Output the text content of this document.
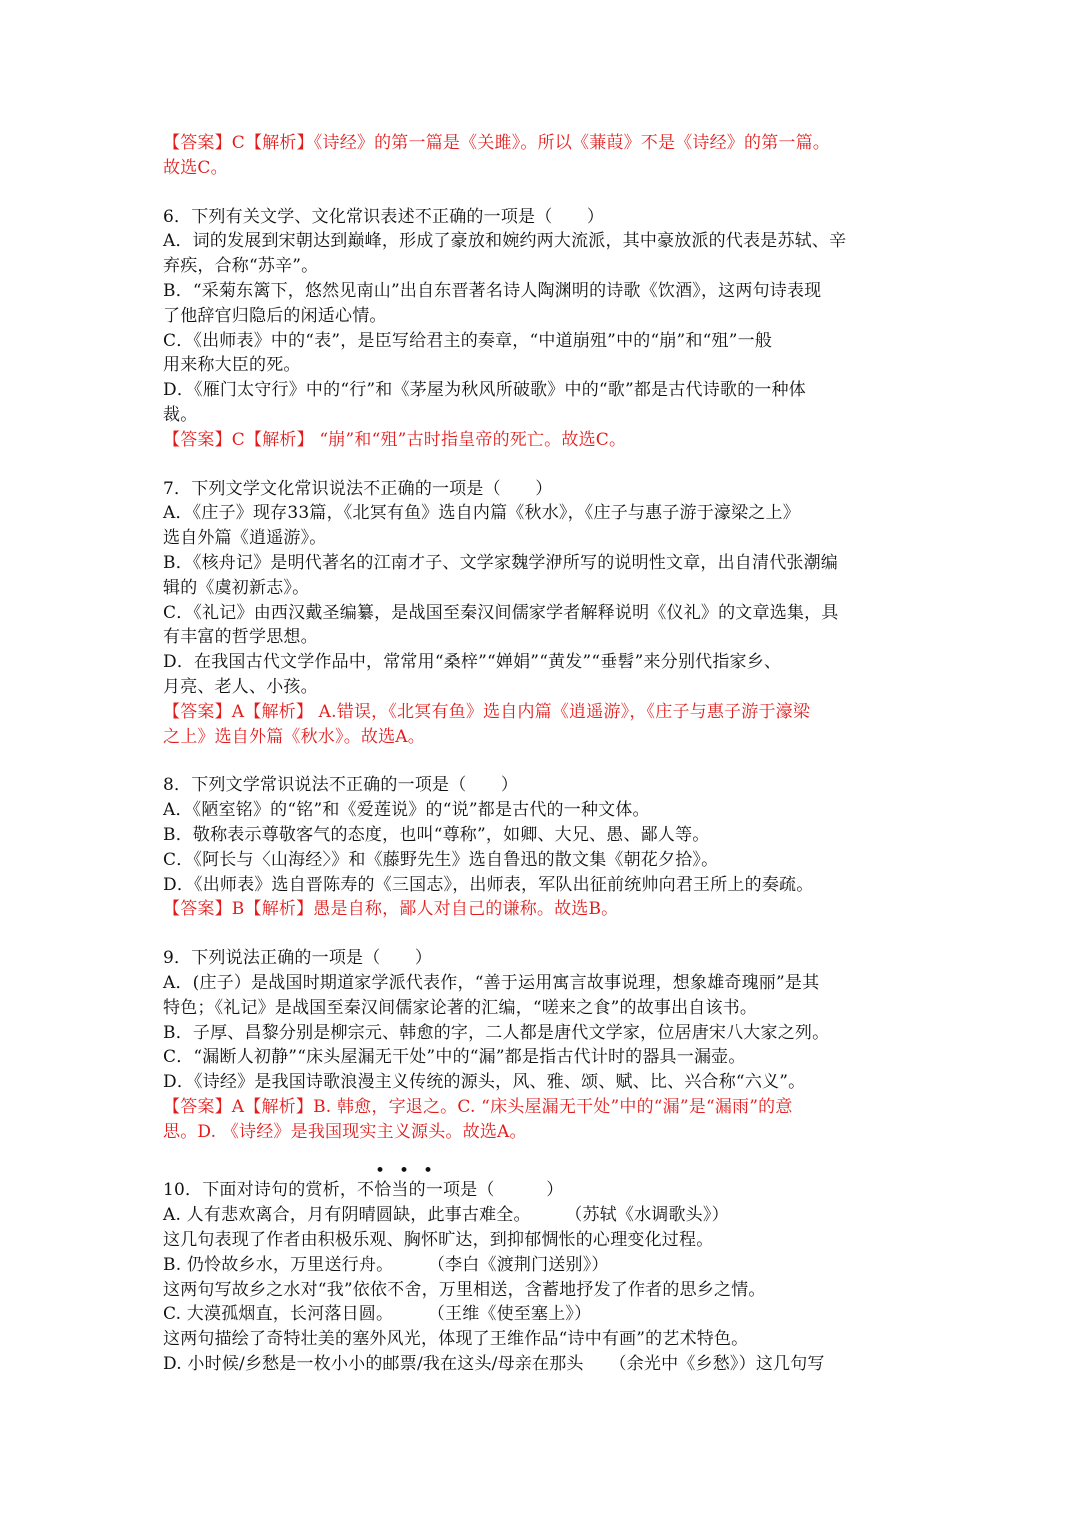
【答案】C【解析】《诗经》的第一篇是《关雎》。所以《蒹葭》不是《诗经》的第一篇。
故选C。
6．下列有关文学、文化常识表述不正确的一项是（　　）
A．词的发展到宋朝达到巅峰，形成了豪放和婉约两大流派，其中豪放派的代表是苏轼、辛
弃疾，合称“苏辛”。
B．“采菊东篱下，悠然见南山”出自东晋著名诗人陶渊明的诗歌《饮酒》，这两句诗表现
了他辞官归隐后的闲适心情。
C．《出师表》中的“表”，是臣写给君主的奏章，“中道崩殂”中的“崩”和“殂”一般
用来称大臣的死。
D．《雁门太守行》中的“行”和《茅屋为秋风所破歌》中的“歌”都是古代诗歌的一种体
裁。
【答案】C【解析】 “崩”和“殂”古时指皇帝的死亡。故选C。
7．下列文学文化常识说法不正确的一项是（　　）
A．《庄子》现存33篇，《北冥有鱼》选自内篇《秋水》，《庄子与惠子游于濠梁之上》
选自外篇《逍遥游》。
B．《核舟记》是明代著名的江南才子、文学家魏学洢所写的说明性文章，出自清代张潮编
辑的《虞初新志》。
C．《礼记》由西汉戴圣编纂，是战国至秦汉间儒家学者解释说明《仪礼》的文章选集，具
有丰富的哲学思想。
D．在我国古代文学作品中，常常用“桑梓”“婵娟”“黄发”“垂髫”来分别代指家乡、
月亮、老人、小孩。
【答案】A【解析】 A.错误，《北冥有鱼》选自内篇《逍遥游》，《庄子与惠子游于濠梁
之上》选自外篇《秋水》。故选A。
8．下列文学常识说法不正确的一项是（　　）
A．《陋室铭》的“铭”和《爱莲说》的“说”都是古代的一种文体。
B．敬称表示尊敬客气的态度，也叫“尊称”，如卿、大兄、愚、鄙人等。
C．《阿长与〈山海经〉》和《藤野先生》选自鲁迅的散文集《朝花夕拾》。
D．《出师表》选自晋陈寿的《三国志》，出师表，军队出征前统帅向君王所上的奏疏。
【答案】B【解析】愚是自称，鄙人对自己的谦称。故选B。
9．下列说法正确的一项是（　　）
A．(庄子）是战国时期道家学派代表作，“善于运用寓言故事说理，想象雄奇瑰丽”是其
特色；《礼记》是战国至秦汉间儒家论著的汇编，“嗟来之食”的故事出自该书。
B．子厚、昌黎分别是柳宗元、韩愈的字，二人都是唐代文学家，位居唐宋八大家之列。
C．“漏断人初静”“床头屋漏无干处”中的“漏”都是指古代计时的器具一漏壶。
D．《诗经》是我国诗歌浪漫主义传统的源头，风、雅、颂、赋、比、兴合称“六义”。
【答案】A【解析】B. 韩愈，字退之。C. “床头屋漏无干处”中的“漏”是“漏雨”的意
思。D. 《诗经》是我国现实主义源头。故选A。
•••
10．下面对诗句的赏析，不恰当的一项是（　　　）
A. 人有悲欢离合，月有阴晴圆缺，此事古难全。　　　（苏轼《水调歌头》）
这几句表现了作者由积极乐观、胸怀旷达，到抑郁惆怅的心理变化过程。
B. 仍怜故乡水，万里送行舟。　　　（李白《渡荆门送别》）
这两句写故乡之水对“我”依依不舍，万里相送，含蓄地抒发了作者的思乡之情。
C. 大漠孤烟直，长河落日圆。　　　（王维《使至塞上》）
这两句描绘了奇特壮美的塞外风光，体现了王维作品“诗中有画”的艺术特色。
D. 小时候/乡愁是一枚小小的邮票/我在这头/母亲在那头　　（余光中《乡愁》）这几句写
